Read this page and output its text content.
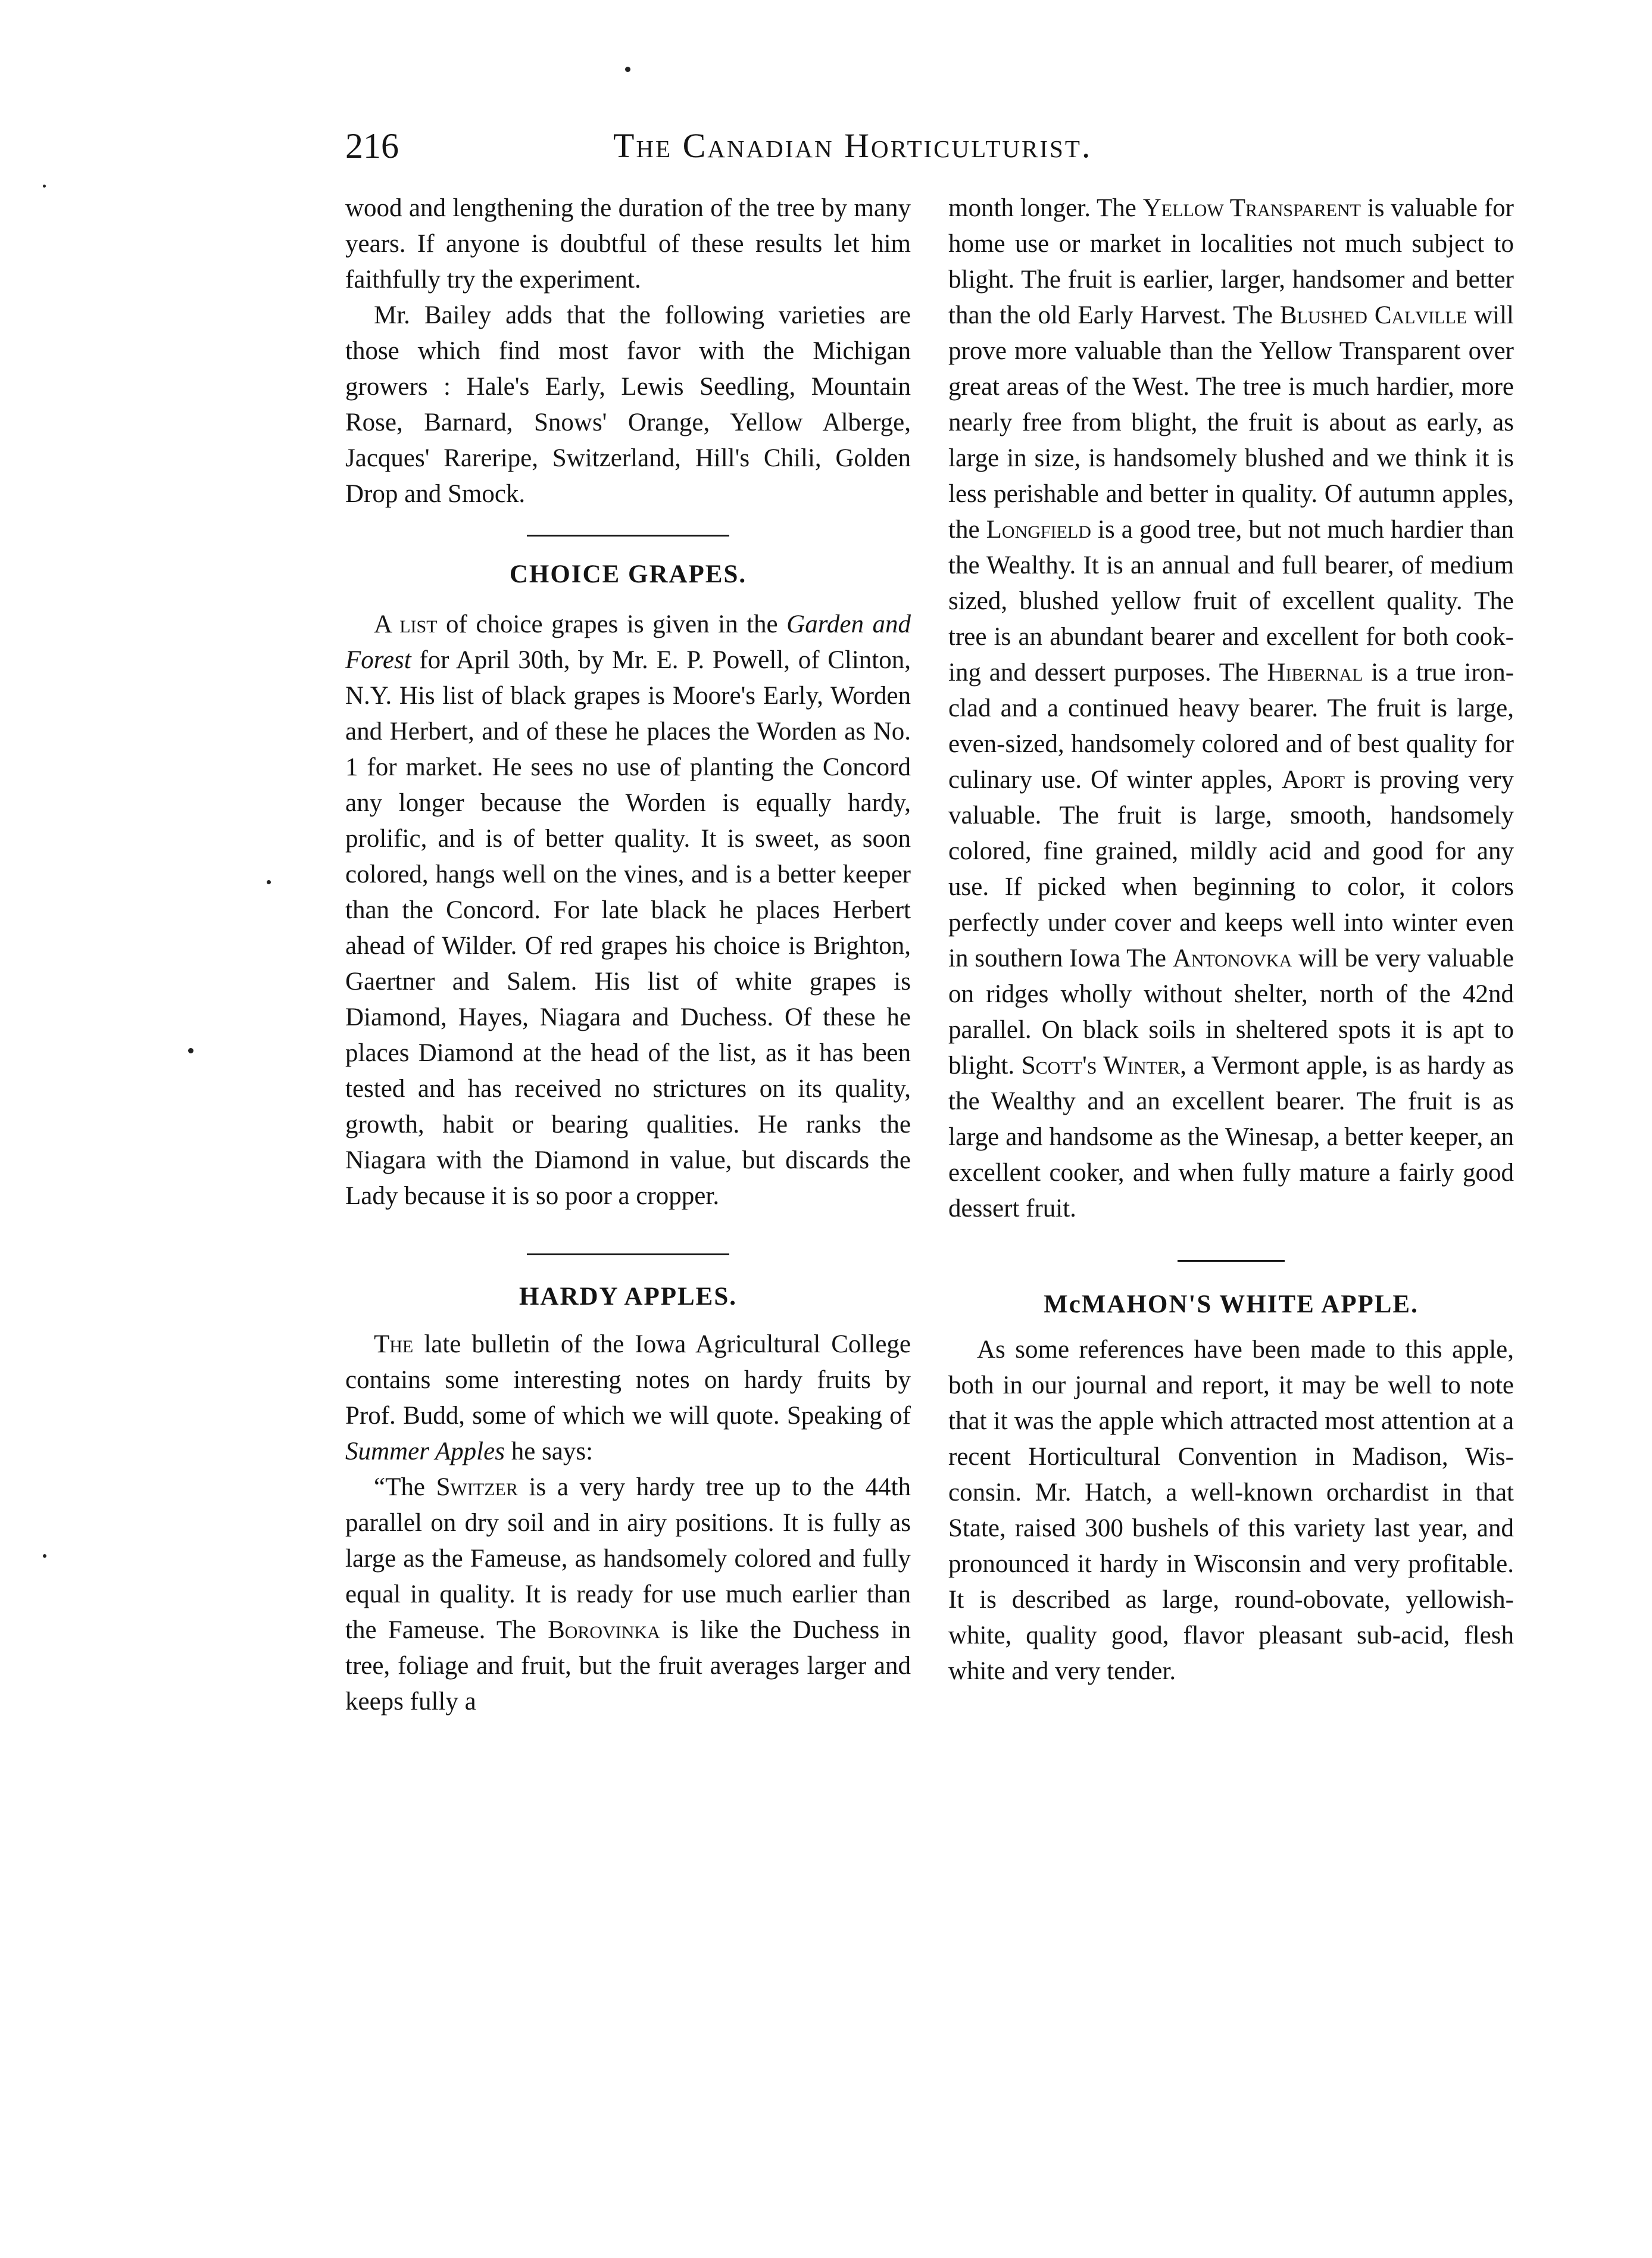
216	The Canadian Horticulturist.

wood and lengthening the duration of the tree by many years. If anyone is doubtful of these results let him faithfully try the experiment.

Mr. Bailey adds that the following varieties are those which find most favor with the Michigan growers : Hale's Early, Lewis Seedling, Mountain Rose, Barnard, Snows' Orange, Yellow Alberge, Jacques' Rareripe, Switzerland, Hill's Chili, Golden Drop and Smock.

CHOICE GRAPES.

A list of choice grapes is given in the Garden and Forest for April 30th, by Mr. E. P. Powell, of Clinton, N.Y. His list of black grapes is Moore's Early, Worden and Herbert, and of these he places the Worden as No. 1 for market. He sees no use of planting the Concord any longer because the Worden is equally hardy, prolific, and is of better quality. It is sweet, as soon colored, hangs well on the vines, and is a better keeper than the Concord. For late black he places Herbert ahead of Wilder. Of red grapes his choice is Brighton, Gaertner and Salem. His list of white grapes is Diamond, Hayes, Niagara and Duchess. Of these he places Diamond at the head of the list, as it has been tested and has received no strictures on its quality, growth, habit or bearing qualities. He ranks the Niagara with the Diamond in value, but discards the Lady because it is so poor a cropper.

HARDY APPLES.

The late bulletin of the Iowa Agricultural College contains some interesting notes on hardy fruits by Prof. Budd, some of which we will quote. Speaking of Summer Apples he says:

“The Switzer is a very hardy tree up to the 44th parallel on dry soil and in airy positions. It is fully as large as the Fameuse, as handsomely colored and fully equal in quality. It is ready for use much earlier than the Fameuse. The Borovinka is like the Duchess in tree, foliage and fruit, but the fruit averages larger and keeps fully a

month longer. The Yellow Transparent is valuable for home use or market in localities not much subject to blight. The fruit is earlier, larger, handsomer and better than the old Early Harvest. The Blushed Calville will prove more valuable than the Yellow Transparent over great areas of the West. The tree is much hardier, more nearly free from blight, the fruit is about as early, as large in size, is handsomely blushed and we think it is less perishable and better in quality. Of autumn apples, the Longfield is a good tree, but not much hardier than the Wealthy. It is an annual and full bearer, of medium sized, blushed yellow fruit of excellent quality. The tree is an abundant bearer and excellent for both cooking and dessert purposes. The Hibernal is a true iron-clad and a continued heavy bearer. The fruit is large, even-sized, handsomely colored and of best quality for culinary use. Of winter apples, Aport is proving very valuable. The fruit is large, smooth, handsomely colored, fine grained, mildly acid and good for any use. If picked when beginning to color, it colors perfectly under cover and keeps well into winter even in southern Iowa The Antonovka will be very valuable on ridges wholly without shelter, north of the 42nd parallel. On black soils in sheltered spots it is apt to blight. Scott's Winter, a Vermont apple, is as hardy as the Wealthy and an excellent bearer. The fruit is as large and handsome as the Winesap, a better keeper, an excellent cooker, and when fully mature a fairly good dessert fruit.

McMAHON'S WHITE APPLE.

As some references have been made to this apple, both in our journal and report, it may be well to note that it was the apple which attracted most attention at a recent Horticultural Convention in Madison, Wisconsin. Mr. Hatch, a well-known orchardist in that State, raised 300 bushels of this variety last year, and pronounced it hardy in Wisconsin and very profitable. It is described as large, round-obovate, yellowish-white, quality good, flavor pleasant sub-acid, flesh white and very tender.
